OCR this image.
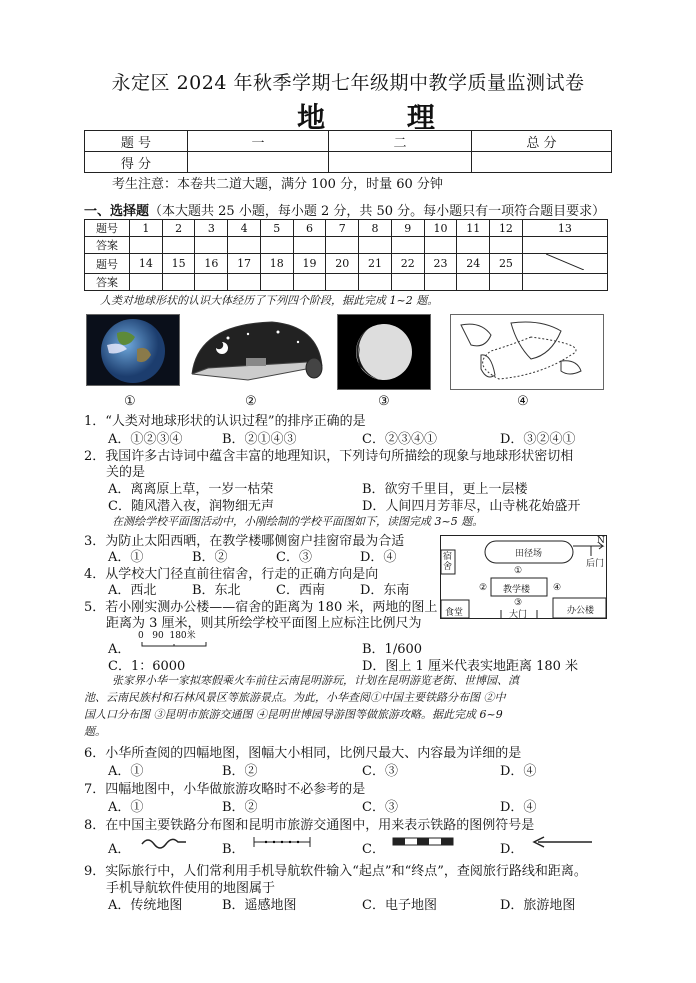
永定区 2024 年秋季学期七年级期中教学质量监测试卷
地 理
题 号	一	二	总 分
得 分			
考生注意：本卷共二道大题，满分 100 分，时量 60 分钟
一、选择题（本大题共 25 小题，每小题 2 分，共 50 分。每小题只有一项符合题目要求）
题号	1	2	3	4	5	6	7	8	9	10	11	12	13
答案													
题号	14	15	16	17	18	19	20	21	22	23	24	25	
答案													
人类对地球形状的认识大体经历了下列四个阶段，据此完成 1~2 题。
①	②	③	④
1．“人类对地球形状的认识过程”的排序正确的是
A．①②③④	B．②①④③	C．②③④①	D．③②④①
2．我国许多古诗词中蕴含丰富的地理知识，下列诗句所描绘的现象与地球形状密切相
关的是
A．离离原上草，一岁一枯荣	B．欲穷千里目，更上一层楼
C．随风潜入夜，润物细无声	D．人间四月芳菲尽，山寺桃花始盛开
在测绘学校平面图活动中，小刚绘制的学校平面图如下，读图完成 3~5 题。
3．为防止太阳西晒，在教学楼哪侧窗户挂窗帘最为合适
A．①	B．②	C．③	D．④
4．从学校大门径直前往宿舍，行走的正确方向是向
A．西北	B．东北	C．西南	D．东南
N
后门
田径场
宿舍	①
② 教学楼	④
③
食堂	办公楼
大门
5．若小刚实测办公楼——宿舍的距离为 180 米，两地的图上
距离为 3 厘米，则其所绘学校平面图上应标注比例尺为
A．
0   90  180米
B．1/600
C．1：6000	D．图上 1 厘米代表实地距离 180 米
张家界小华一家拟寒假乘火车前往云南昆明游玩，计划在昆明游览老街、世博园、滇
池、云南民族村和石林风景区等旅游景点。为此，小华查阅①中国主要铁路分布图 ②中
国人口分布图 ③昆明市旅游交通图 ④昆明世博园导游图等做旅游攻略。据此完成 6~9
题。
6．小华所查阅的四幅地图，图幅大小相同，比例尺最大、内容最为详细的是
A．①	B．②	C．③	D．④
7．四幅地图中，小华做旅游攻略时不必参考的是
A．①	B．②	C．③	D．④
8．在中国主要铁路分布图和昆明市旅游交通图中，用来表示铁路的图例符号是
A．	B．	C．	D．
9．实际旅行中，人们常利用手机导航软件输入“起点”和“终点”，查阅旅行路线和距离。
手机导航软件使用的地图属于
A．传统地图	B．遥感地图	C．电子地图	D．旅游地图
